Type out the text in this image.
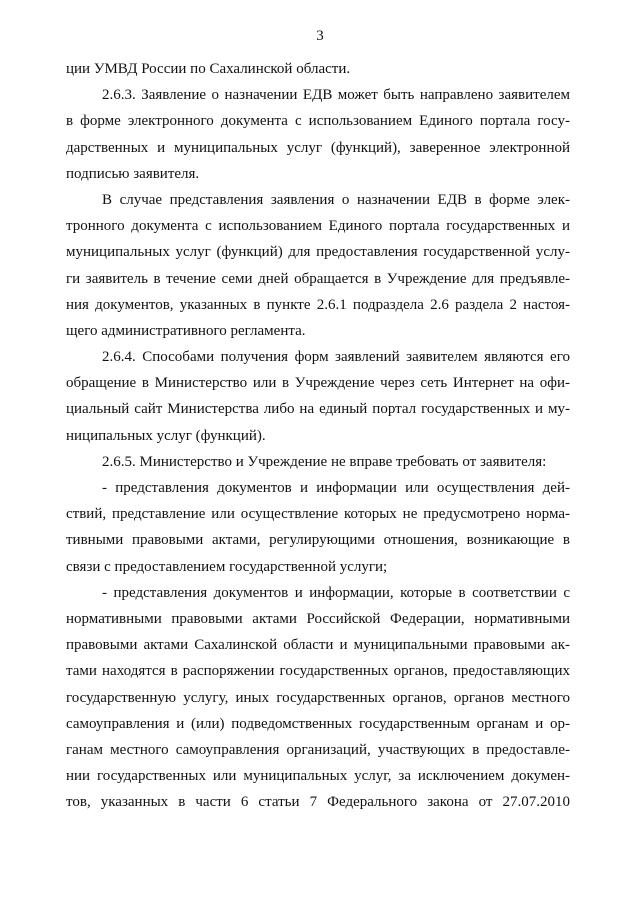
3
ции УМВД России по Сахалинской области.
2.6.3. Заявление о назначении ЕДВ может быть направлено заявителем
в форме электронного документа с использованием Единого портала госу-
дарственных и муниципальных услуг (функций), заверенное электронной
подписью заявителя.
В случае представления заявления о назначении ЕДВ в форме элек-
тронного документа с использованием Единого портала государственных и
муниципальных услуг (функций) для предоставления государственной услу-
ги заявитель в течение семи дней обращается в Учреждение для предъявле-
ния документов, указанных в пункте 2.6.1 подраздела 2.6 раздела 2 настоя-
щего административного регламента.
2.6.4. Способами получения форм заявлений заявителем являются его
обращение в Министерство или в Учреждение через сеть Интернет на офи-
циальный сайт Министерства либо на единый портал государственных и му-
ниципальных услуг (функций).
2.6.5. Министерство и Учреждение не вправе требовать от заявителя:
- представления документов и информации или осуществления дей-
ствий, представление или осуществление которых не предусмотрено норма-
тивными правовыми актами, регулирующими отношения, возникающие в
связи с предоставлением государственной услуги;
- представления документов и информации, которые в соответствии с
нормативными правовыми актами Российской Федерации, нормативными
правовыми актами Сахалинской области и муниципальными правовыми ак-
тами находятся в распоряжении государственных органов, предоставляющих
государственную услугу, иных государственных органов, органов местного
самоуправления и (или) подведомственных государственным органам и ор-
ганам местного самоуправления организаций, участвующих в предоставле-
нии государственных или муниципальных услуг, за исключением докумен-
тов, указанных в части 6 статьи 7 Федерального закона от 27.07.2010
